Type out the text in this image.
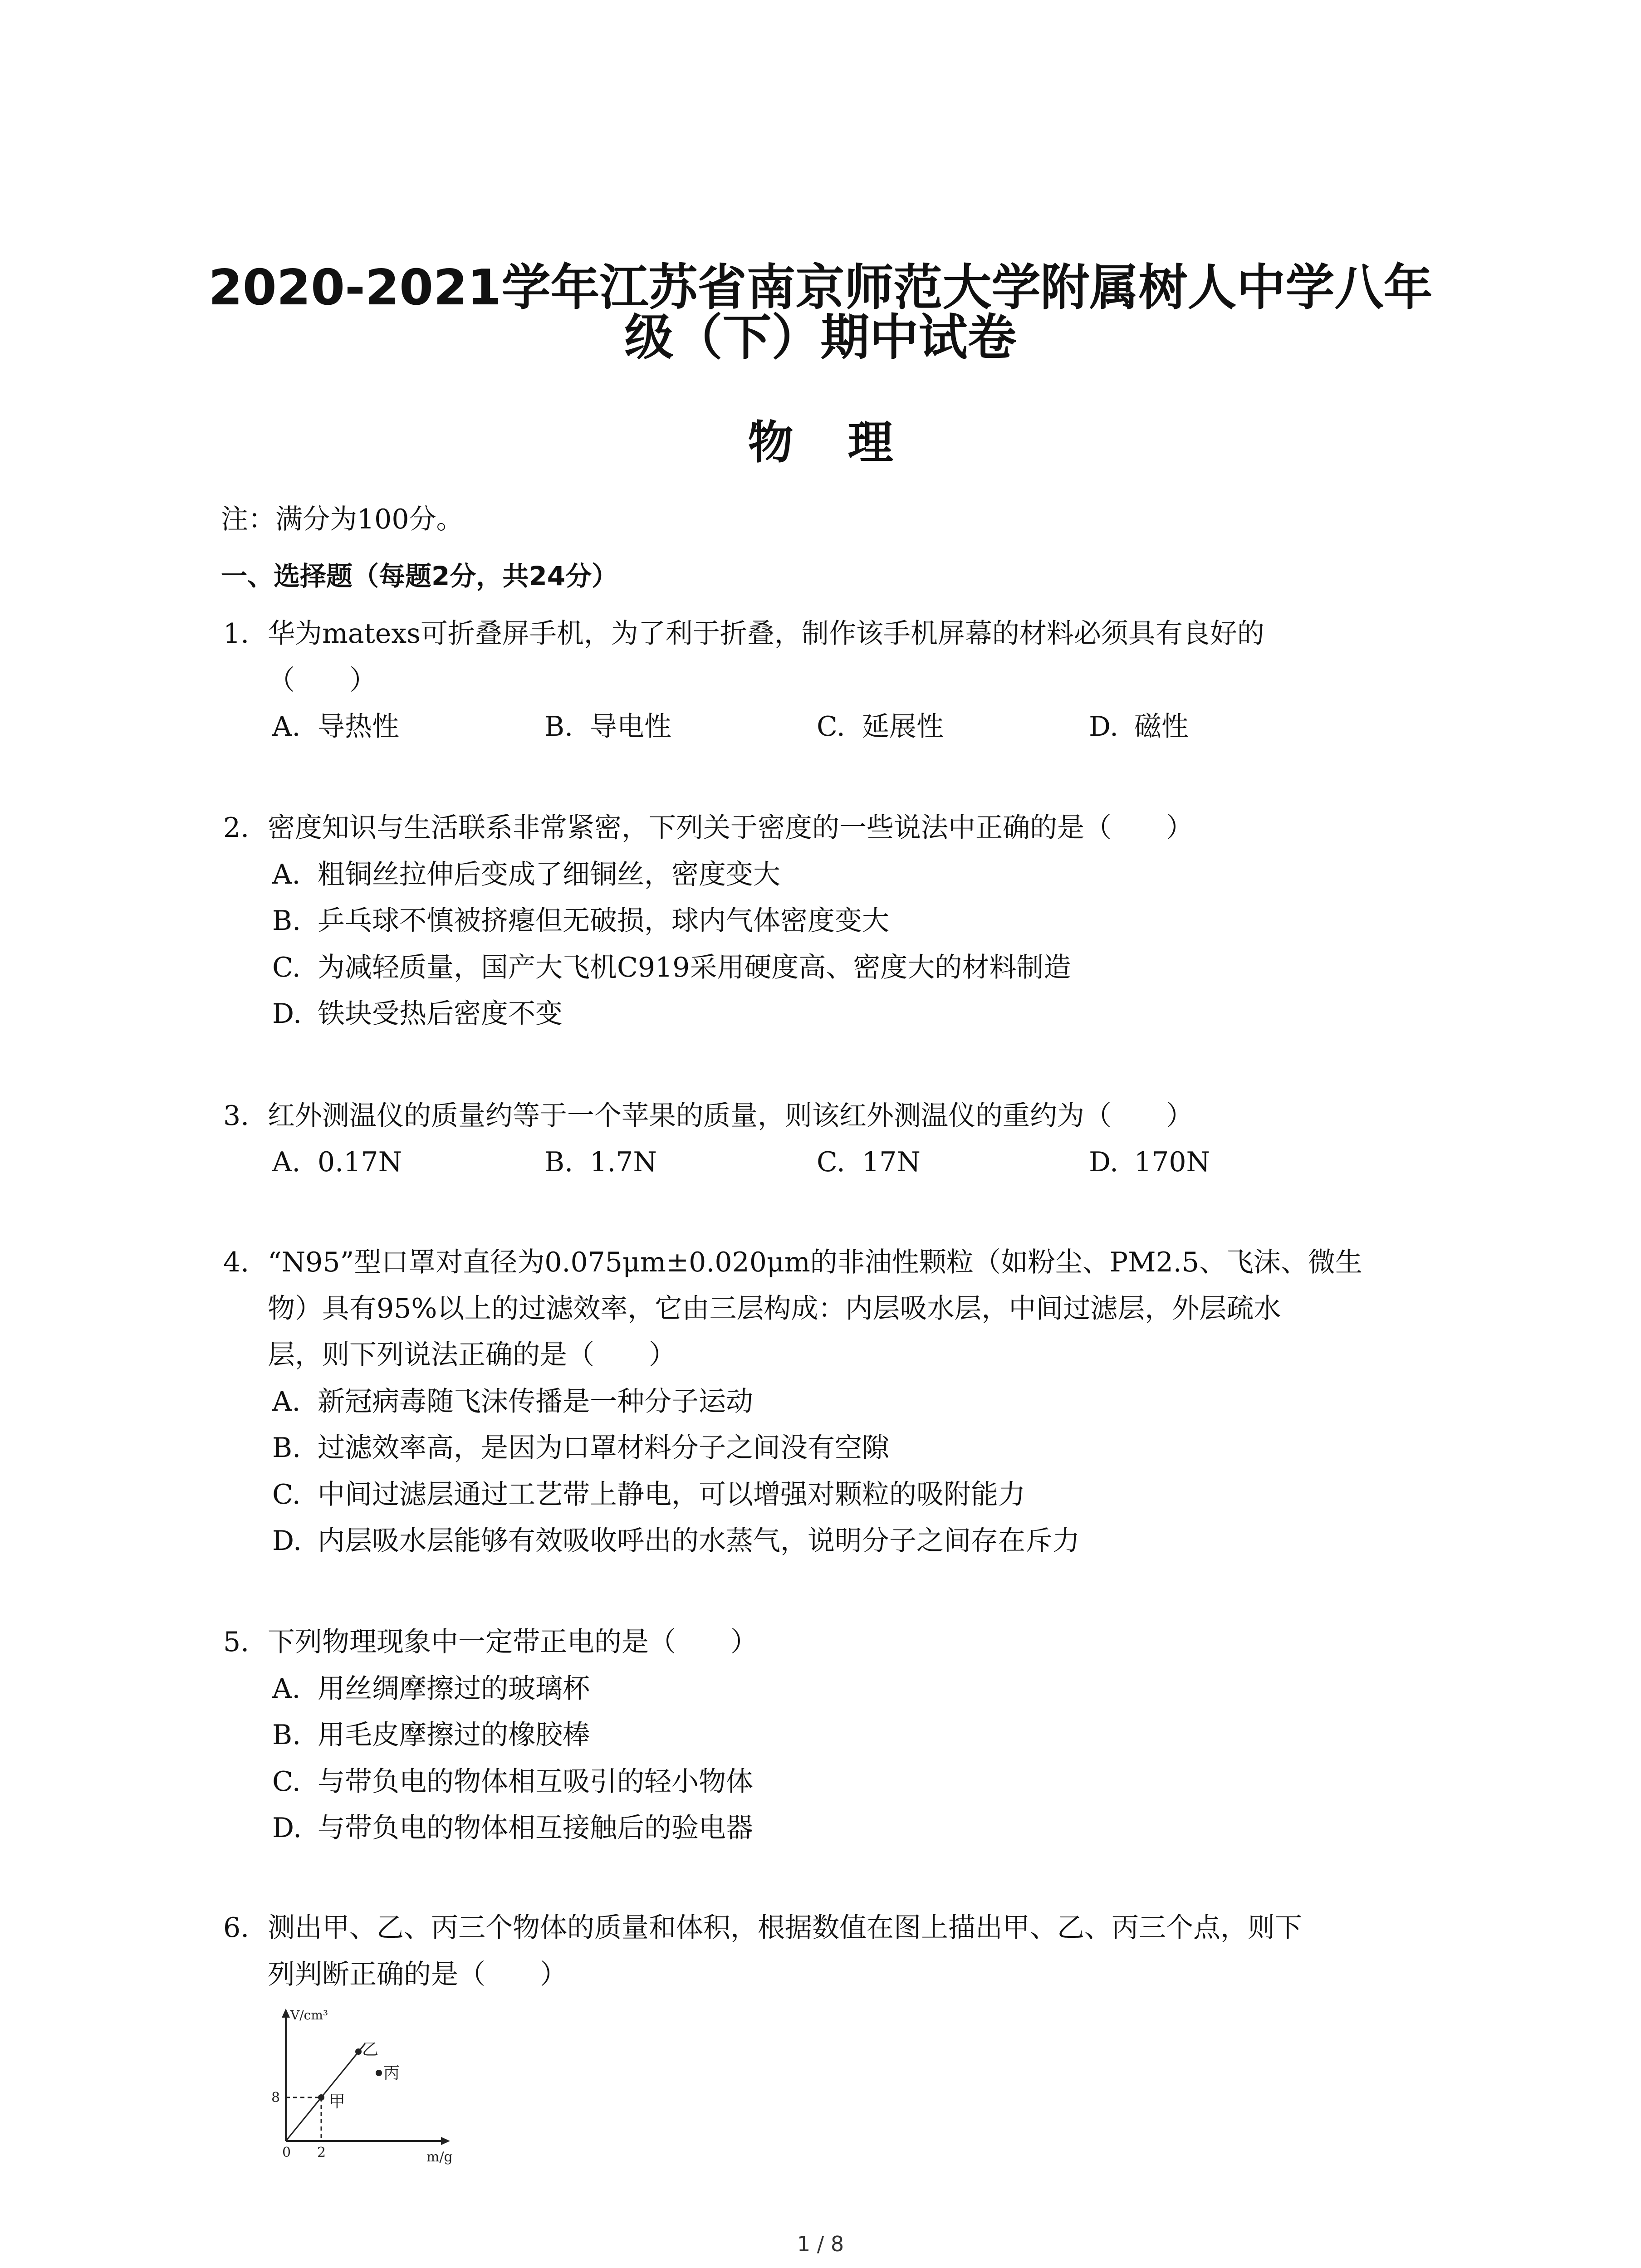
2020-2021学年江苏省南京师范大学附属树人中学八年
级（下）期中试卷
物理
注：满分为100分。
一、选择题（每题2分，共24分）
1. 华为matexs可折叠屏手机，为了利于折叠，制作该手机屏幕的材料必须具有良好的
（　　）
A. 导热性	B. 导电性	C. 延展性	D. 磁性
2. 密度知识与生活联系非常紧密，下列关于密度的一些说法中正确的是（　　）
A. 粗铜丝拉伸后变成了细铜丝，密度变大
B. 乒乓球不慎被挤瘪但无破损，球内气体密度变大
C. 为减轻质量，国产大飞机C919采用硬度高、密度大的材料制造
D. 铁块受热后密度不变
3. 红外测温仪的质量约等于一个苹果的质量，则该红外测温仪的重约为（　　）
A. 0.17N	B. 1.7N	C. 17N	D. 170N
4. “N95”型口罩对直径为0.075μm±0.020μm的非油性颗粒（如粉尘、PM2.5、飞沫、微生
物）具有95%以上的过滤效率，它由三层构成：内层吸水层，中间过滤层，外层疏水
层，则下列说法正确的是（　　）
A. 新冠病毒随飞沫传播是一种分子运动
B. 过滤效率高，是因为口罩材料分子之间没有空隙
C. 中间过滤层通过工艺带上静电，可以增强对颗粒的吸附能力
D. 内层吸水层能够有效吸收呼出的水蒸气，说明分子之间存在斥力
5. 下列物理现象中一定带正电的是（　　）
A. 用丝绸摩擦过的玻璃杯
B. 用毛皮摩擦过的橡胶棒
C. 与带负电的物体相互吸引的轻小物体
D. 与带负电的物体相互接触后的验电器
6. 测出甲、乙、丙三个物体的质量和体积，根据数值在图上描出甲、乙、丙三个点，则下
列判断正确的是（　　）
V/cm³
m/g
0 2
8	甲
乙
丙
1 / 8
